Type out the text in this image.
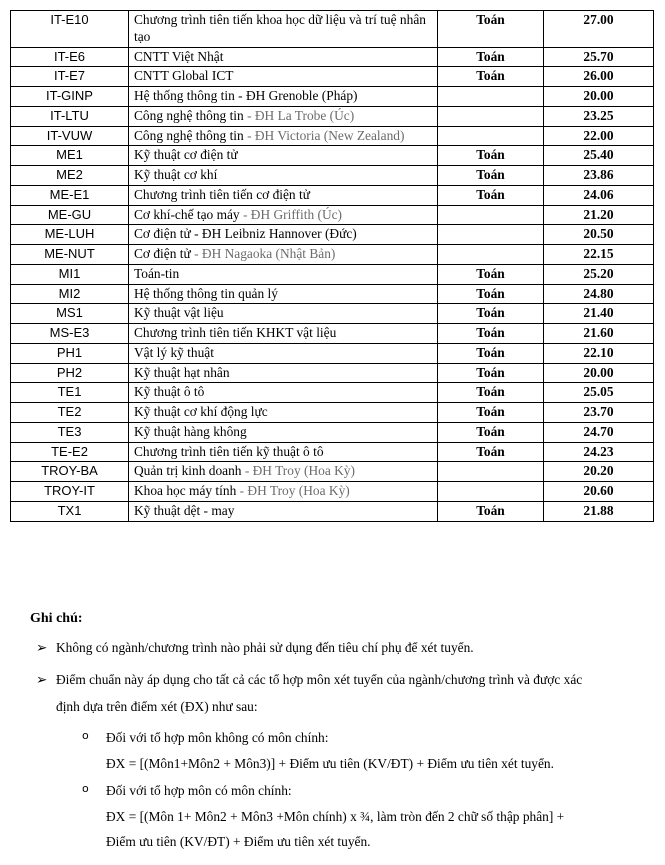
IT-E10	Chương trình tiên tiến khoa học dữ liệu và trí tuệ nhân tạo	Toán	27.00
IT-E6	CNTT Việt Nhật	Toán	25.70
IT-E7	CNTT Global ICT	Toán	26.00
IT-GINP	Hệ thống thông tin - ĐH Grenoble (Pháp)		20.00
IT-LTU	Công nghệ thông tin - ĐH La Trobe (Úc)		23.25
IT-VUW	Công nghệ thông tin - ĐH Victoria (New Zealand)		22.00
ME1	Kỹ thuật cơ điện tử	Toán	25.40
ME2	Kỹ thuật cơ khí	Toán	23.86
ME-E1	Chương trình tiên tiến cơ điện tử	Toán	24.06
ME-GU	Cơ khí-chế tạo máy - ĐH Griffith (Úc)		21.20
ME-LUH	Cơ điện tử - ĐH Leibniz Hannover (Đức)		20.50
ME-NUT	Cơ điện tử - ĐH Nagaoka (Nhật Bản)		22.15
MI1	Toán-tin	Toán	25.20
MI2	Hệ thống thông tin quản lý	Toán	24.80
MS1	Kỹ thuật vật liệu	Toán	21.40
MS-E3	Chương trình tiên tiến KHKT vật liệu	Toán	21.60
PH1	Vật lý kỹ thuật	Toán	22.10
PH2	Kỹ thuật hạt nhân	Toán	20.00
TE1	Kỹ thuật ô tô	Toán	25.05
TE2	Kỹ thuật cơ khí động lực	Toán	23.70
TE3	Kỹ thuật hàng không	Toán	24.70
TE-E2	Chương trình tiên tiến kỹ thuật ô tô	Toán	24.23
TROY-BA	Quản trị kinh doanh - ĐH Troy (Hoa Kỳ)		20.20
TROY-IT	Khoa học máy tính - ĐH Troy (Hoa Kỳ)		20.60
TX1	Kỹ thuật dệt - may	Toán	21.88
Ghi chú:
➢ Không có ngành/chương trình nào phải sử dụng đến tiêu chí phụ để xét tuyển.
➢ Điểm chuẩn này áp dụng cho tất cả các tổ hợp môn xét tuyển của ngành/chương trình và được xác
định dựa trên điểm xét (ĐX) như sau:
o Đối với tổ hợp môn không có môn chính:
ĐX = [(Môn1+Môn2 + Môn3)] + Điểm ưu tiên (KV/ĐT) + Điểm ưu tiên xét tuyển.
o Đối với tổ hợp môn có môn chính:
ĐX = [(Môn 1+ Môn2 + Môn3 +Môn chính) x ¾, làm tròn đến 2 chữ số thập phân] +
Điểm ưu tiên (KV/ĐT) + Điểm ưu tiên xét tuyển.
